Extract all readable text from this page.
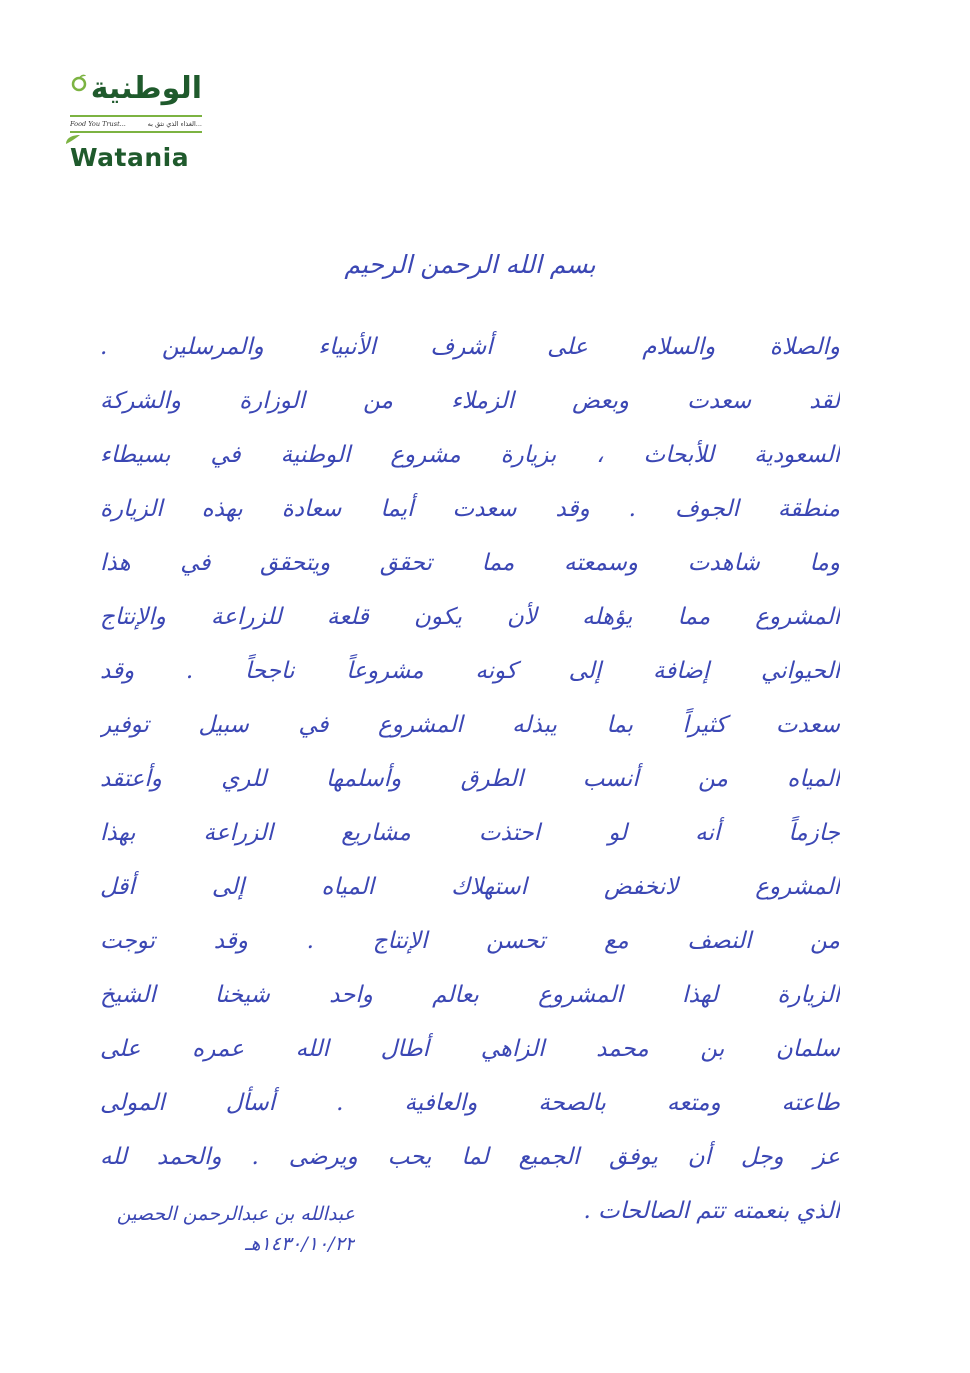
الوطنية
Food You Trust...	الغذاء الذي تثق به...
Watania
بسم الله الرحمن الرحيم
والصلاة والسلام على أشرف الأنبياء والمرسلين .
لقد سعدت وبعض الزملاء من الوزارة والشركة
السعودية للأبحاث ، بزيارة مشروع الوطنية في بسيطاء
منطقة الجوف . وقد سعدت أيما سعادة بهذه الزيارة
وما شاهدت وسمعته مما تحقق ويتحقق في هذا
المشروع مما يؤهله لأن يكون قلعة للزراعة والإنتاج
الحيواني إضافة إلى كونه مشروعاً ناجحاً . وقد
سعدت كثيراً بما يبذله المشروع في سبيل توفير
المياه من أنسب الطرق وأسلمها للري وأعتقد
جازماً أنه لو احتذت مشاريع الزراعة بهذا
المشروع لانخفض استهلاك المياه إلى أقل
من النصف مع تحسن الإنتاج . وقد توجت
الزيارة لهذا المشروع بعالم واحد شيخنا الشيخ
سلمان بن محمد الزاهي أطال الله عمره على
طاعته ومتعه بالصحة والعافية . أسأل المولى
عز وجل أن يوفق الجميع لما يحب ويرضى . والحمد لله
الذي بنعمته تتم الصالحات .
عبدالله بن عبدالرحمن الحصين
١٤٣٠/١٠/٢٢هـ
